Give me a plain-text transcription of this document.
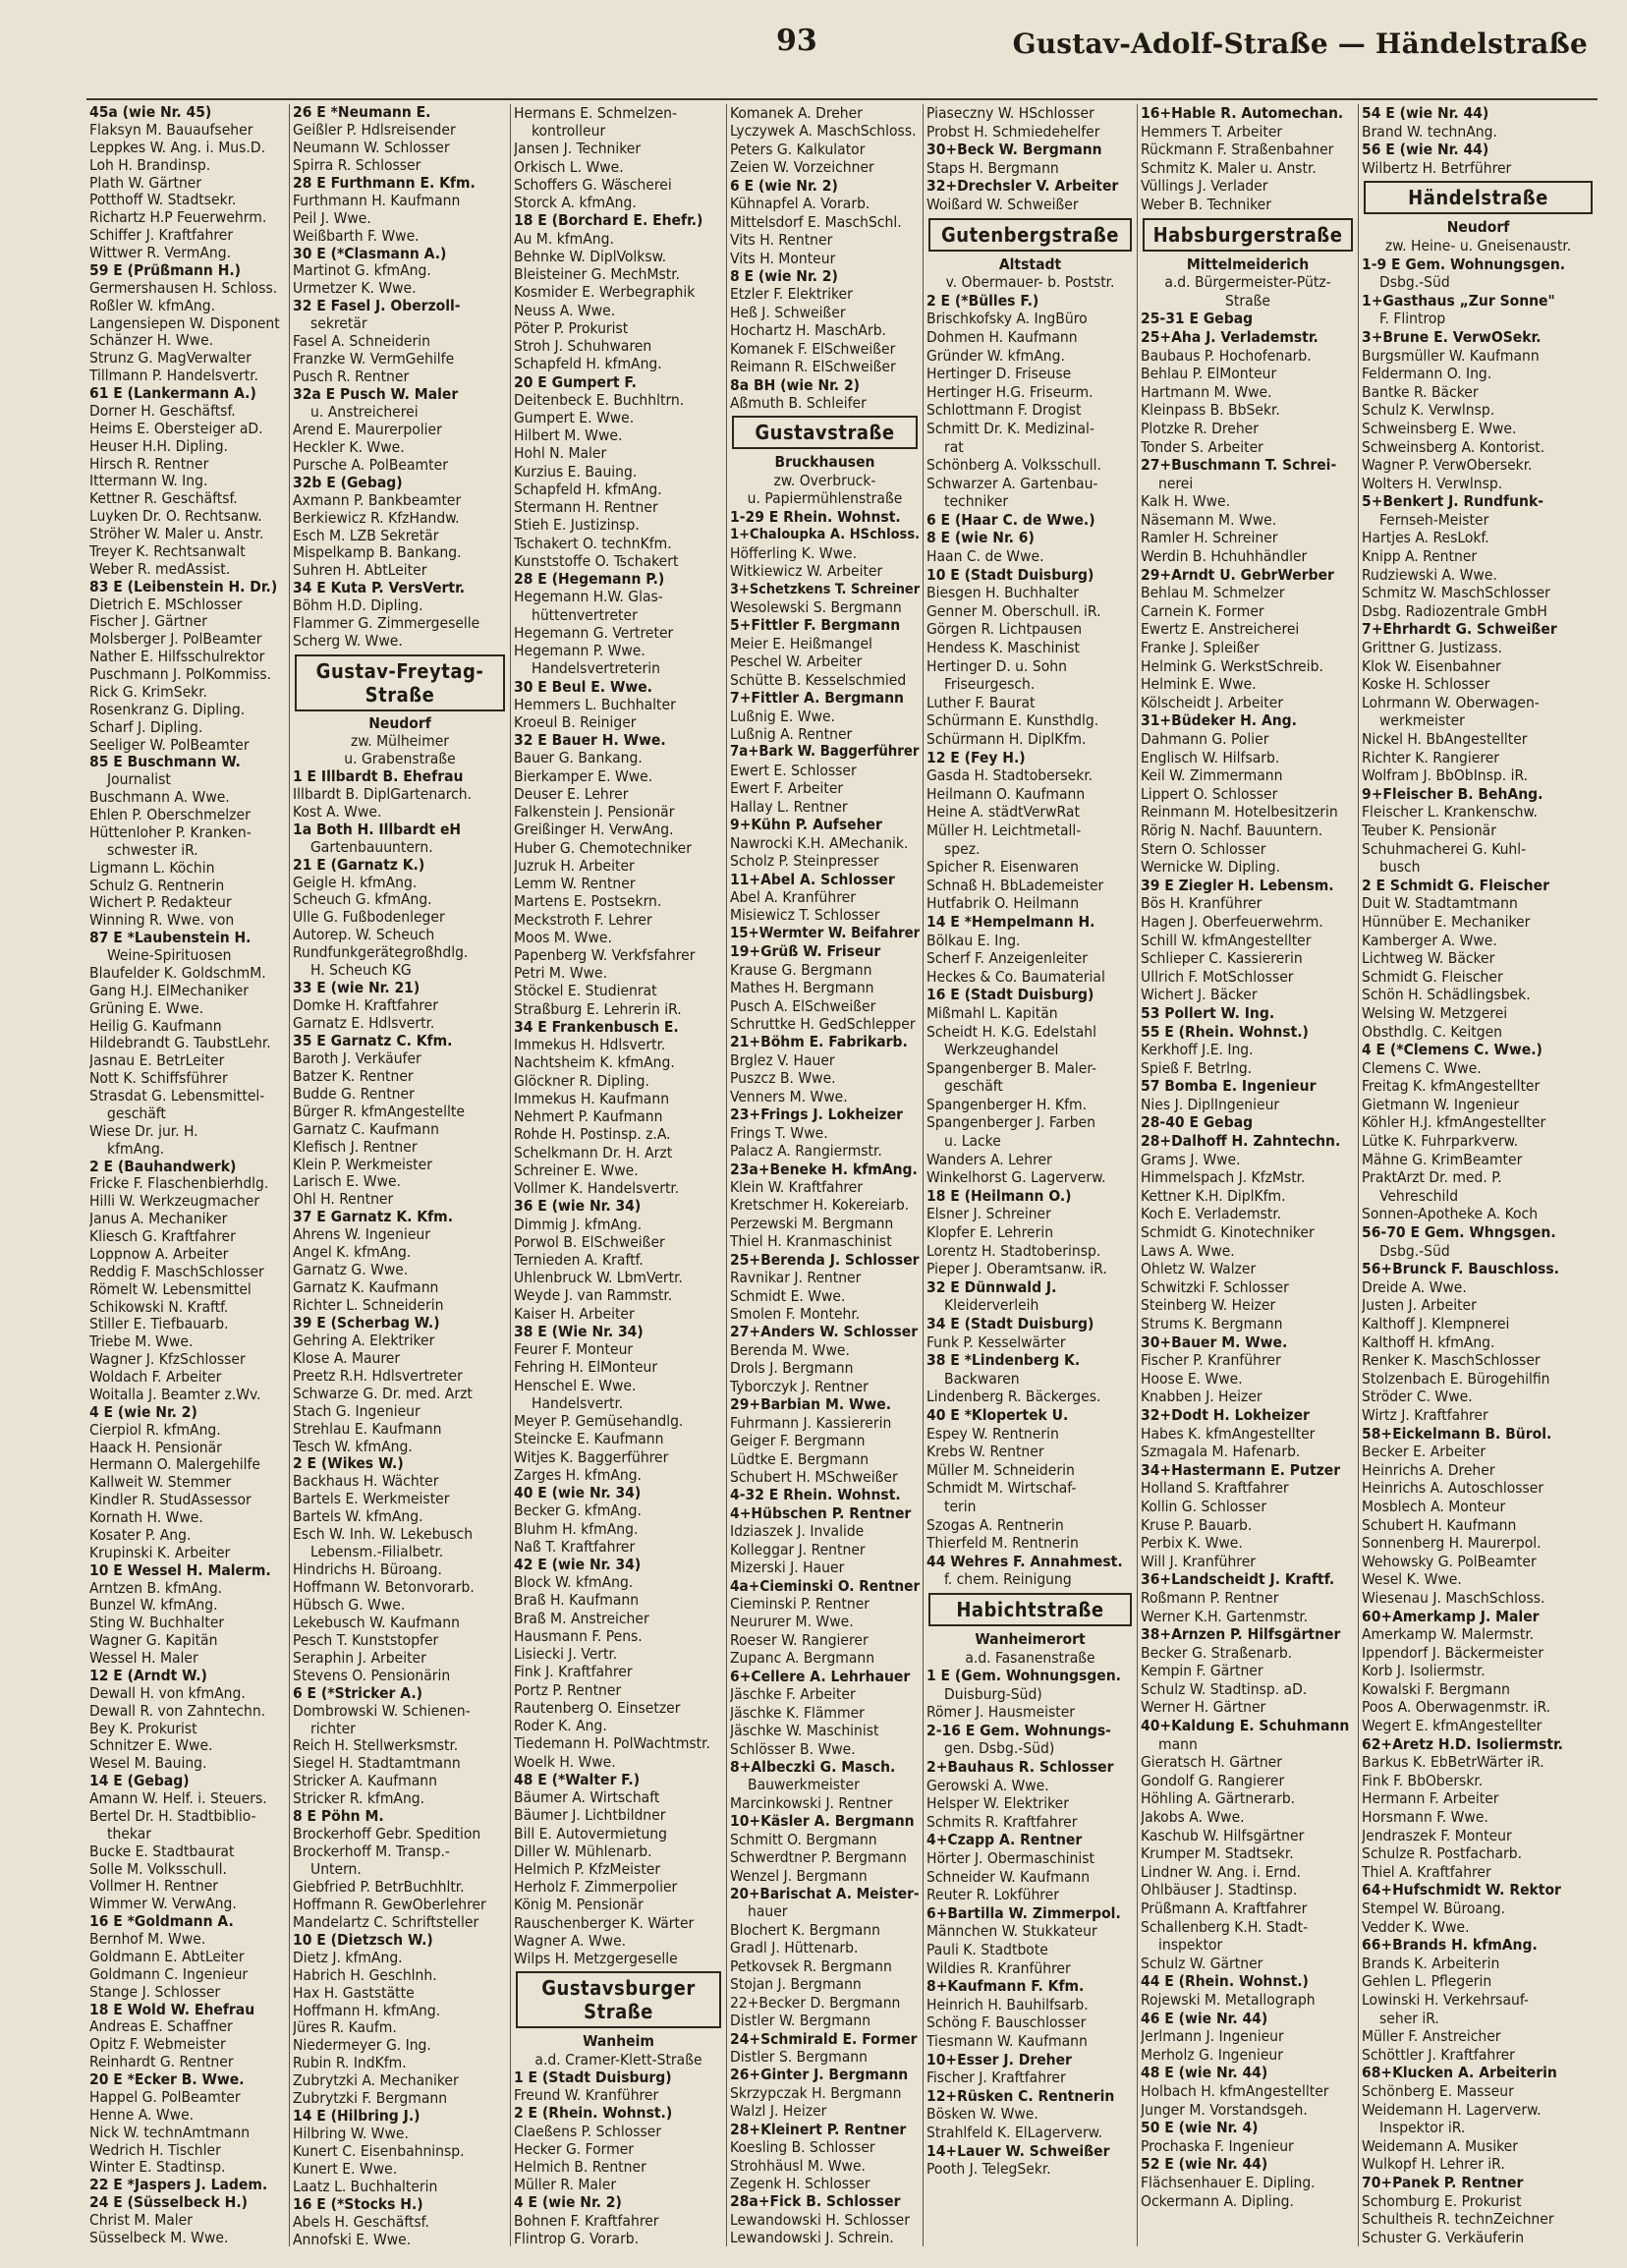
93	Gustav-Adolf-Straße — Händelstraße
45a (wie Nr. 45)
Flaksyn M. Bauaufseher
Leppkes W. Ang. i. Mus.D.
Loh H. Brandinsp.
Plath W. Gärtner
Potthoff W. Stadtsekr.
Richartz H.P Feuerwehrm.
Schiffer J. Kraftfahrer
Wittwer R. VermAng.
59 E (Prüßmann H.)
Germershausen H. Schloss.
Roßler W. kfmAng.
Langensiepen W. Disponent
Schänzer H. Wwe.
Strunz G. MagVerwalter
Tillmann P. Handelsvertr.
61 E (Lankermann A.)
Dorner H. Geschäftsf.
Heims E. Obersteiger aD.
Heuser H.H. Dipling.
Hirsch R. Rentner
Ittermann W. Ing.
Kettner R. Geschäftsf.
Luyken Dr. O. Rechtsanw.
Ströher W. Maler u. Anstr.
Treyer K. Rechtsanwalt
Weber R. medAssist.
83 E (Leibenstein H. Dr.)
Dietrich E. MSchlosser
Fischer J. Gärtner
Molsberger J. PolBeamter
Nather E. Hilfsschulrektor
Puschmann J. PolKommiss.
Rick G. KrimSekr.
Rosenkranz G. Dipling.
Scharf J. Dipling.
Seeliger W. PolBeamter
85 E Buschmann W.
Journalist
Buschmann A. Wwe.
Ehlen P. Oberschmelzer
Hüttenloher P. Kranken-
schwester iR.
Ligmann L. Köchin
Schulz G. Rentnerin
Wichert P. Redakteur
Winning R. Wwe. von
87 E *Laubenstein H.
Weine-Spirituosen
Blaufelder K. GoldschmM.
Gang H.J. ElMechaniker
Grüning E. Wwe.
Heilig G. Kaufmann
Hildebrandt G. TaubstLehr.
Jasnau E. BetrLeiter
Nott K. Schiffsführer
Strasdat G. Lebensmittel-
geschäft
Wiese Dr. jur. H.
kfmAng.
2 E (Bauhandwerk)
Fricke F. Flaschenbierhdlg.
Hilli W. Werkzeugmacher
Janus A. Mechaniker
Kliesch G. Kraftfahrer
Loppnow A. Arbeiter
Reddig F. MaschSchlosser
Römelt W. Lebensmittel
Schikowski N. Kraftf.
Stiller E. Tiefbauarb.
Triebe M. Wwe.
Wagner J. KfzSchlosser
Woldach F. Arbeiter
Woitalla J. Beamter z.Wv.
4 E (wie Nr. 2)
Cierpiol R. kfmAng.
Haack H. Pensionär
Hermann O. Malergehilfe
Kallweit W. Stemmer
Kindler R. StudAssessor
Kornath H. Wwe.
Kosater P. Ang.
Krupinski K. Arbeiter
10 E Wessel H. Malerm.
Arntzen B. kfmAng.
Bunzel W. kfmAng.
Sting W. Buchhalter
Wagner G. Kapitän
Wessel H. Maler
12 E (Arndt W.)
Dewall H. von kfmAng.
Dewall R. von Zahntechn.
Bey K. Prokurist
Schnitzer E. Wwe.
Wesel M. Bauing.
14 E (Gebag)
Amann W. Helf. i. Steuers.
Bertel Dr. H. Stadtbiblio-
thekar
Bucke E. Stadtbaurat
Solle M. Volksschull.
Vollmer H. Rentner
Wimmer W. VerwAng.
16 E *Goldmann A.
Bernhof M. Wwe.
Goldmann E. AbtLeiter
Goldmann C. Ingenieur
Stange J. Schlosser
18 E Wold W. Ehefrau
Andreas E. Schaffner
Opitz F. Webmeister
Reinhardt G. Rentner
20 E *Ecker B. Wwe.
Happel G. PolBeamter
Henne A. Wwe.
Nick W. technAmtmann
Wedrich H. Tischler
Winter E. Stadtinsp.
22 E *Jaspers J. Ladem.
24 E (Süsselbeck H.)
Christ M. Maler
Süsselbeck M. Wwe.
26 E *Neumann E.
Geißler P. Hdlsreisender
Neumann W. Schlosser
Spirra R. Schlosser
28 E Furthmann E. Kfm.
Furthmann H. Kaufmann
Peil J. Wwe.
Weißbarth F. Wwe.
30 E (*Clasmann A.)
Martinot G. kfmAng.
Urmetzer K. Wwe.
32 E Fasel J. Oberzoll-
sekretär
Fasel A. Schneiderin
Franzke W. VermGehilfe
Pusch R. Rentner
32a E Pusch W. Maler
u. Anstreicherei
Arend E. Maurerpolier
Heckler K. Wwe.
Pursche A. PolBeamter
32b E (Gebag)
Axmann P. Bankbeamter
Berkiewicz R. KfzHandw.
Esch M. LZB Sekretär
Mispelkamp B. Bankang.
Suhren H. AbtLeiter
34 E Kuta P. VersVertr.
Böhm H.D. Dipling.
Flammer G. Zimmergeselle
Scherg W. Wwe.
Gustav-Freytag-Straße
Neudorf
zw. Mülheimer
u. Grabenstraße
1 E Illbardt B. Ehefrau
Illbardt B. DiplGartenarch.
Kost A. Wwe.
1a Both H. Illbardt eH
Gartenbauuntern.
21 E (Garnatz K.)
Geigle H. kfmAng.
Scheuch G. kfmAng.
Ulle G. Fußbodenleger
Autorep. W. Scheuch
Rundfunkgerätegroßhdlg.
H. Scheuch KG
33 E (wie Nr. 21)
Domke H. Kraftfahrer
Garnatz E. Hdlsvertr.
35 E Garnatz C. Kfm.
Baroth J. Verkäufer
Batzer K. Rentner
Budde G. Rentner
Bürger R. kfmAngestellte
Garnatz C. Kaufmann
Klefisch J. Rentner
Klein P. Werkmeister
Larisch E. Wwe.
Ohl H. Rentner
37 E Garnatz K. Kfm.
Ahrens W. Ingenieur
Angel K. kfmAng.
Garnatz G. Wwe.
Garnatz K. Kaufmann
Richter L. Schneiderin
39 E (Scherbag W.)
Gehring A. Elektriker
Klose A. Maurer
Preetz R.H. Hdlsvertreter
Schwarze G. Dr. med. Arzt
Stach G. Ingenieur
Strehlau E. Kaufmann
Tesch W. kfmAng.
2 E (Wikes W.)
Backhaus H. Wächter
Bartels E. Werkmeister
Bartels W. kfmAng.
Esch W. Inh. W. Lekebusch
Lebensm.-Filialbetr.
Hindrichs H. Büroang.
Hoffmann W. Betonvorarb.
Hübsch G. Wwe.
Lekebusch W. Kaufmann
Pesch T. Kunststopfer
Seraphin J. Arbeiter
Stevens O. Pensionärin
6 E (*Stricker A.)
Dombrowski W. Schienen-
richter
Reich H. Stellwerksmstr.
Siegel H. Stadtamtmann
Stricker A. Kaufmann
Stricker R. kfmAng.
8 E Pöhn M.
Brockerhoff Gebr. Spedition
Brockerhoff M. Transp.-
Untern.
Giebfried P. BetrBuchhltr.
Hoffmann R. GewOberlehrer
Mandelartz C. Schriftsteller
10 E (Dietzsch W.)
Dietz J. kfmAng.
Habrich H. Geschlnh.
Hax H. Gaststätte
Hoffmann H. kfmAng.
Jüres R. Kaufm.
Niedermeyer G. Ing.
Rubin R. IndKfm.
Zubrytzki A. Mechaniker
Zubrytzki F. Bergmann
14 E (Hilbring J.)
Hilbring W. Wwe.
Kunert C. Eisenbahninsp.
Kunert E. Wwe.
Laatz L. Buchhalterin
16 E (*Stocks H.)
Abels H. Geschäftsf.
Annofski E. Wwe.
Hermans E. Schmelzen-
kontrolleur
Jansen J. Techniker
Orkisch L. Wwe.
Schoffers G. Wäscherei
Storck A. kfmAng.
18 E (Borchard E. Ehefr.)
Au M. kfmAng.
Behnke W. DiplVolksw.
Bleisteiner G. MechMstr.
Kosmider E. Werbegraphik
Neuss A. Wwe.
Pöter P. Prokurist
Stroh J. Schuhwaren
Schapfeld H. kfmAng.
20 E Gumpert F.
Deitenbeck E. Buchhltrn.
Gumpert E. Wwe.
Hilbert M. Wwe.
Hohl N. Maler
Kurzius E. Bauing.
Schapfeld H. kfmAng.
Stermann H. Rentner
Stieh E. Justizinsp.
Tschakert O. technKfm.
Kunststoffe O. Tschakert
28 E (Hegemann P.)
Hegemann H.W. Glas-
hüttenvertreter
Hegemann G. Vertreter
Hegemann P. Wwe.
Handelsvertreterin
30 E Beul E. Wwe.
Hemmers L. Buchhalter
Kroeul B. Reiniger
32 E Bauer H. Wwe.
Bauer G. Bankang.
Bierkamper E. Wwe.
Deuser E. Lehrer
Falkenstein J. Pensionär
Greißinger H. VerwAng.
Huber G. Chemotechniker
Juzruk H. Arbeiter
Lemm W. Rentner
Martens E. Postsekrn.
Meckstroth F. Lehrer
Moos M. Wwe.
Papenberg W. Verkfsfahrer
Petri M. Wwe.
Stöckel E. Studienrat
Straßburg E. Lehrerin iR.
34 E Frankenbusch E.
Immekus H. Hdlsvertr.
Nachtsheim K. kfmAng.
Glöckner R. Dipling.
Immekus H. Kaufmann
Nehmert P. Kaufmann
Rohde H. Postinsp. z.A.
Schelkmann Dr. H. Arzt
Schreiner E. Wwe.
Vollmer K. Handelsvertr.
36 E (wie Nr. 34)
Dimmig J. kfmAng.
Porwol B. ElSchweißer
Ternieden A. Kraftf.
Uhlenbruck W. LbmVertr.
Weyde J. van Rammstr.
Kaiser H. Arbeiter
38 E (Wie Nr. 34)
Feurer F. Monteur
Fehring H. ElMonteur
Henschel E. Wwe.
Handelsvertr.
Meyer P. Gemüsehandlg.
Steincke E. Kaufmann
Witjes K. Baggerführer
Zarges H. kfmAng.
40 E (wie Nr. 34)
Becker G. kfmAng.
Bluhm H. kfmAng.
Naß T. Kraftfahrer
42 E (wie Nr. 34)
Block W. kfmAng.
Braß H. Kaufmann
Braß M. Anstreicher
Hausmann F. Pens.
Lisiecki J. Vertr.
Fink J. Kraftfahrer
Portz P. Rentner
Rautenberg O. Einsetzer
Roder K. Ang.
Tiedemann H. PolWachtmstr.
Woelk H. Wwe.
48 E (*Walter F.)
Bäumer A. Wirtschaft
Bäumer J. Lichtbildner
Bill E. Autovermietung
Diller W. Mühlenarb.
Helmich P. KfzMeister
Herholz F. Zimmerpolier
König M. Pensionär
Rauschenberger K. Wärter
Wagner A. Wwe.
Wilps H. Metzgergeselle
Gustavsburger Straße
Wanheim
a.d. Cramer-Klett-Straße
1 E (Stadt Duisburg)
Freund W. Kranführer
2 E (Rhein. Wohnst.)
Claeßens P. Schlosser
Hecker G. Former
Helmich B. Rentner
Müller R. Maler
4 E (wie Nr. 2)
Bohnen F. Kraftfahrer
Flintrop G. Vorarb.
Komanek A. Dreher
Lyczywek A. MaschSchloss.
Peters G. Kalkulator
Zeien W. Vorzeichner
6 E (wie Nr. 2)
Kühnapfel A. Vorarb.
Mittelsdorf E. MaschSchl.
Vits H. Rentner
Vits H. Monteur
8 E (wie Nr. 2)
Etzler F. Elektriker
Heß J. Schweißer
Hochartz H. MaschArb.
Komanek F. ElSchweißer
Reimann R. ElSchweißer
8a BH (wie Nr. 2)
Aßmuth B. Schleifer
Gustavstraße
Bruckhausen
zw. Overbruck-
u. Papiermühlenstraße
1-29 E Rhein. Wohnst.
1+Chaloupka A. HSchloss.
Höfferling K. Wwe.
Witkiewicz W. Arbeiter
3+Schetzkens T. Schreiner
Wesolewski S. Bergmann
5+Fittler F. Bergmann
Meier E. Heißmangel
Peschel W. Arbeiter
Schütte B. Kesselschmied
7+Fittler A. Bergmann
Lußnig E. Wwe.
Lußnig A. Rentner
7a+Bark W. Baggerführer
Ewert E. Schlosser
Ewert F. Arbeiter
Hallay L. Rentner
9+Kühn P. Aufseher
Nawrocki K.H. AMechanik.
Scholz P. Steinpresser
11+Abel A. Schlosser
Abel A. Kranführer
Misiewicz T. Schlosser
15+Wermter W. Beifahrer
19+Grüß W. Friseur
Krause G. Bergmann
Mathes H. Bergmann
Pusch A. ElSchweißer
Schruttke H. GedSchlepper
21+Böhm E. Fabrikarb.
Brglez V. Hauer
Puszcz B. Wwe.
Venners M. Wwe.
23+Frings J. Lokheizer
Frings T. Wwe.
Palacz A. Rangiermstr.
23a+Beneke H. kfmAng.
Klein W. Kraftfahrer
Kretschmer H. Kokereiarb.
Perzewski M. Bergmann
Thiel H. Kranmaschinist
25+Berenda J. Schlosser
Ravnikar J. Rentner
Schmidt E. Wwe.
Smolen F. Montehr.
27+Anders W. Schlosser
Berenda M. Wwe.
Drols J. Bergmann
Tyborczyk J. Rentner
29+Barbian M. Wwe.
Fuhrmann J. Kassiererin
Geiger F. Bergmann
Lüdtke E. Bergmann
Schubert H. MSchweißer
4-32 E Rhein. Wohnst.
4+Hübschen P. Rentner
Idziaszek J. Invalide
Kolleggar J. Rentner
Mizerski J. Hauer
4a+Cieminski O. Rentner
Cieminski P. Rentner
Neururer M. Wwe.
Roeser W. Rangierer
Zupanc A. Bergmann
6+Cellere A. Lehrhauer
Jäschke F. Arbeiter
Jäschke K. Flämmer
Jäschke W. Maschinist
Schlösser B. Wwe.
8+Albeczki G. Masch.
Bauwerkmeister
Marcinkowski J. Rentner
10+Käsler A. Bergmann
Schmitt O. Bergmann
Schwerdtner P. Bergmann
Wenzel J. Bergmann
20+Barischat A. Meister-
hauer
Blochert K. Bergmann
Gradl J. Hüttenarb.
Petkovsek R. Bergmann
Stojan J. Bergmann
22+Becker D. Bergmann
Distler W. Bergmann
24+Schmirald E. Former
Distler S. Bergmann
26+Ginter J. Bergmann
Skrzypczak H. Bergmann
Walzl J. Heizer
28+Kleinert P. Rentner
Koesling B. Schlosser
Strohhäusl M. Wwe.
Zegenk H. Schlosser
28a+Fick B. Schlosser
Lewandowski H. Schlosser
Lewandowski J. Schrein.
Piaseczny W. HSchlosser
Probst H. Schmiedehelfer
30+Beck W. Bergmann
Staps H. Bergmann
32+Drechsler V. Arbeiter
Woißard W. Schweißer
Gutenbergstraße
Altstadt
v. Obermauer- b. Poststr.
2 E (*Bülles F.)
Brischkofsky A. IngBüro
Dohmen H. Kaufmann
Gründer W. kfmAng.
Hertinger D. Friseuse
Hertinger H.G. Friseurm.
Schlottmann F. Drogist
Schmitt Dr. K. Medizinal-
rat
Schönberg A. Volksschull.
Schwarzer A. Gartenbau-
techniker
6 E (Haar C. de Wwe.)
8 E (wie Nr. 6)
Haan C. de Wwe.
10 E (Stadt Duisburg)
Biesgen H. Buchhalter
Genner M. Oberschull. iR.
Görgen R. Lichtpausen
Hendess K. Maschinist
Hertinger D. u. Sohn
Friseurgesch.
Luther F. Baurat
Schürmann E. Kunsthdlg.
Schürmann H. DiplKfm.
12 E (Fey H.)
Gasda H. Stadtobersekr.
Heilmann O. Kaufmann
Heine A. städtVerwRat
Müller H. Leichtmetall-
spez.
Spicher R. Eisenwaren
Schnaß H. BbLademeister
Hutfabrik O. Heilmann
14 E *Hempelmann H.
Bölkau E. Ing.
Scherf F. Anzeigenleiter
Heckes & Co. Baumaterial
16 E (Stadt Duisburg)
Mißmahl L. Kapitän
Scheidt H. K.G. Edelstahl
Werkzeughandel
Spangenberger B. Maler-
geschäft
Spangenberger H. Kfm.
Spangenberger J. Farben
u. Lacke
Wanders A. Lehrer
Winkelhorst G. Lagerverw.
18 E (Heilmann O.)
Elsner J. Schreiner
Klopfer E. Lehrerin
Lorentz H. Stadtoberinsp.
Pieper J. Oberamtsanw. iR.
32 E Dünnwald J.
Kleiderverleih
34 E (Stadt Duisburg)
Funk P. Kesselwärter
38 E *Lindenberg K.
Backwaren
Lindenberg R. Bäckerges.
40 E *Klopertek U.
Espey W. Rentnerin
Krebs W. Rentner
Müller M. Schneiderin
Schmidt M. Wirtschaf-
terin
Szogas A. Rentnerin
Thierfeld M. Rentnerin
44 Wehres F. Annahmest.
f. chem. Reinigung
Habichtstraße
Wanheimerort
a.d. Fasanenstraße
1 E (Gem. Wohnungsgen.
Duisburg-Süd)
Römer J. Hausmeister
2-16 E Gem. Wohnungs-
gen. Dsbg.-Süd)
2+Bauhaus R. Schlosser
Gerowski A. Wwe.
Helsper W. Elektriker
Schmits R. Kraftfahrer
4+Czapp A. Rentner
Hörter J. Obermaschinist
Schneider W. Kaufmann
Reuter R. Lokführer
6+Bartilla W. Zimmerpol.
Männchen W. Stukkateur
Pauli K. Stadtbote
Wildies R. Kranführer
8+Kaufmann F. Kfm.
Heinrich H. Bauhilfsarb.
Schöng F. Bauschlosser
Tiesmann W. Kaufmann
10+Esser J. Dreher
Fischer J. Kraftfahrer
12+Rüsken C. Rentnerin
Bösken W. Wwe.
Strahlfeld K. ElLagerverw.
14+Lauer W. Schweißer
Pooth J. TelegSekr.
16+Hable R. Automechan.
Hemmers T. Arbeiter
Rückmann F. Straßenbahner
Schmitz K. Maler u. Anstr.
Vüllings J. Verlader
Weber B. Techniker
Habsburgerstraße
Mittelmeiderich
a.d. Bürgermeister-Pütz-
Straße
25-31 E Gebag
25+Aha J. Verlademstr.
Baubaus P. Hochofenarb.
Behlau P. ElMonteur
Hartmann M. Wwe.
Kleinpass B. BbSekr.
Plotzke R. Dreher
Tonder S. Arbeiter
27+Buschmann T. Schrei-
nerei
Kalk H. Wwe.
Näsemann M. Wwe.
Ramler H. Schreiner
Werdin B. Hchuhhändler
29+Arndt U. GebrWerber
Behlau M. Schmelzer
Carnein K. Former
Ewertz E. Anstreicherei
Franke J. Spleißer
Helmink G. WerkstSchreib.
Helmink E. Wwe.
Kölscheidt J. Arbeiter
31+Büdeker H. Ang.
Dahmann G. Polier
Englisch W. Hilfsarb.
Keil W. Zimmermann
Lippert O. Schlosser
Reinmann M. Hotelbesitzerin
Rörig N. Nachf. Bauuntern.
Stern O. Schlosser
Wernicke W. Dipling.
39 E Ziegler H. Lebensm.
Bös H. Kranführer
Hagen J. Oberfeuerwehrm.
Schill W. kfmAngestellter
Schlieper C. Kassiererin
Ullrich F. MotSchlosser
Wichert J. Bäcker
53 Pollert W. Ing.
55 E (Rhein. Wohnst.)
Kerkhoff J.E. Ing.
Spieß F. Betrlng.
57 Bomba E. Ingenieur
Nies J. DiplIngenieur
28-40 E Gebag
28+Dalhoff H. Zahntechn.
Grams J. Wwe.
Himmelspach J. KfzMstr.
Kettner K.H. DiplKfm.
Koch E. Verlademstr.
Schmidt G. Kinotechniker
Laws A. Wwe.
Ohletz W. Walzer
Schwitzki F. Schlosser
Steinberg W. Heizer
Strums K. Bergmann
30+Bauer M. Wwe.
Fischer P. Kranführer
Hoose E. Wwe.
Knabben J. Heizer
32+Dodt H. Lokheizer
Habes K. kfmAngestellter
Szmagala M. Hafenarb.
34+Hastermann E. Putzer
Holland S. Kraftfahrer
Kollin G. Schlosser
Kruse P. Bauarb.
Perbix K. Wwe.
Will J. Kranführer
36+Landscheidt J. Kraftf.
Roßmann P. Rentner
Werner K.H. Gartenmstr.
38+Arnzen P. Hilfsgärtner
Becker G. Straßenarb.
Kempin F. Gärtner
Schulz W. Stadtinsp. aD.
Werner H. Gärtner
40+Kaldung E. Schuhmann
mann
Gieratsch H. Gärtner
Gondolf G. Rangierer
Höhling A. Gärtnerarb.
Jakobs A. Wwe.
Kaschub W. Hilfsgärtner
Krumper M. Stadtsekr.
Lindner W. Ang. i. Ernd.
Ohlbäuser J. Stadtinsp.
Prüßmann A. Kraftfahrer
Schallenberg K.H. Stadt-
inspektor
Schulz W. Gärtner
44 E (Rhein. Wohnst.)
Rojewski M. Metallograph
46 E (wie Nr. 44)
Jerlmann J. Ingenieur
Merholz G. Ingenieur
48 E (wie Nr. 44)
Holbach H. kfmAngestellter
Junger M. Vorstandsgeh.
50 E (wie Nr. 4)
Prochaska F. Ingenieur
52 E (wie Nr. 44)
Flächsenhauer E. Dipling.
Ockermann A. Dipling.
54 E (wie Nr. 44)
Brand W. technAng.
56 E (wie Nr. 44)
Wilbertz H. Betrführer
Händelstraße
Neudorf
zw. Heine- u. Gneisenaustr.
1-9 E Gem. Wohnungsgen.
Dsbg.-Süd
1+Gasthaus „Zur Sonne"
F. Flintrop
3+Brune E. VerwOSekr.
Burgsmüller W. Kaufmann
Feldermann O. Ing.
Bantke R. Bäcker
Schulz K. Verwlnsp.
Schweinsberg E. Wwe.
Schweinsberg A. Kontorist.
Wagner P. VerwObersekr.
Wolters H. Verwlnsp.
5+Benkert J. Rundfunk-
Fernseh-Meister
Hartjes A. ResLokf.
Knipp A. Rentner
Rudziewski A. Wwe.
Schmitz W. MaschSchlosser
Dsbg. Radiozentrale GmbH
7+Ehrhardt G. Schweißer
Grittner G. Justizass.
Klok W. Eisenbahner
Koske H. Schlosser
Lohrmann W. Oberwagen-
werkmeister
Nickel H. BbAngestellter
Richter K. Rangierer
Wolfram J. BbObInsp. iR.
9+Fleischer B. BehAng.
Fleischer L. Krankenschw.
Teuber K. Pensionär
Schuhmacherei G. Kuhl-
busch
2 E Schmidt G. Fleischer
Duit W. Stadtamtmann
Hünnüber E. Mechaniker
Kamberger A. Wwe.
Lichtweg W. Bäcker
Schmidt G. Fleischer
Schön H. Schädlingsbek.
Welsing W. Metzgerei
Obsthdlg. C. Keitgen
4 E (*Clemens C. Wwe.)
Clemens C. Wwe.
Freitag K. kfmAngestellter
Gietmann W. Ingenieur
Köhler H.J. kfmAngestellter
Lütke K. Fuhrparkverw.
Mähne G. KrimBeamter
PraktArzt Dr. med. P.
Vehreschild
Sonnen-Apotheke A. Koch
56-70 E Gem. Whngsgen.
Dsbg.-Süd
56+Brunck F. Bauschloss.
Dreide A. Wwe.
Justen J. Arbeiter
Kalthoff J. Klempnerei
Kalthoff H. kfmAng.
Renker K. MaschSchlosser
Stolzenbach E. Bürogehilfin
Ströder C. Wwe.
Wirtz J. Kraftfahrer
58+Eickelmann B. Bürol.
Becker E. Arbeiter
Heinrichs A. Dreher
Heinrichs A. Autoschlosser
Mosblech A. Monteur
Schubert H. Kaufmann
Sonnenberg H. Maurerpol.
Wehowsky G. PolBeamter
Wesel K. Wwe.
Wiesenau J. MaschSchloss.
60+Amerkamp J. Maler
Amerkamp W. Malermstr.
Ippendorf J. Bäckermeister
Korb J. Isoliermstr.
Kowalski F. Bergmann
Poos A. Oberwagenmstr. iR.
Wegert E. kfmAngestellter
62+Aretz H.D. Isoliermstr.
Barkus K. EbBetrWärter iR.
Fink F. BbOberskr.
Hermann F. Arbeiter
Horsmann F. Wwe.
Jendraszek F. Monteur
Schulze R. Postfacharb.
Thiel A. Kraftfahrer
64+Hufschmidt W. Rektor
Stempel W. Büroang.
Vedder K. Wwe.
66+Brands H. kfmAng.
Brands K. Arbeiterin
Gehlen L. Pflegerin
Lowinski H. Verkehrsauf-
seher iR.
Müller F. Anstreicher
Schöttler J. Kraftfahrer
68+Klucken A. Arbeiterin
Schönberg E. Masseur
Weidemann H. Lagerverw.
Inspektor iR.
Weidemann A. Musiker
Wulkopf H. Lehrer iR.
70+Panek P. Rentner
Schomburg E. Prokurist
Schultheis R. technZeichner
Schuster G. Verkäuferin
